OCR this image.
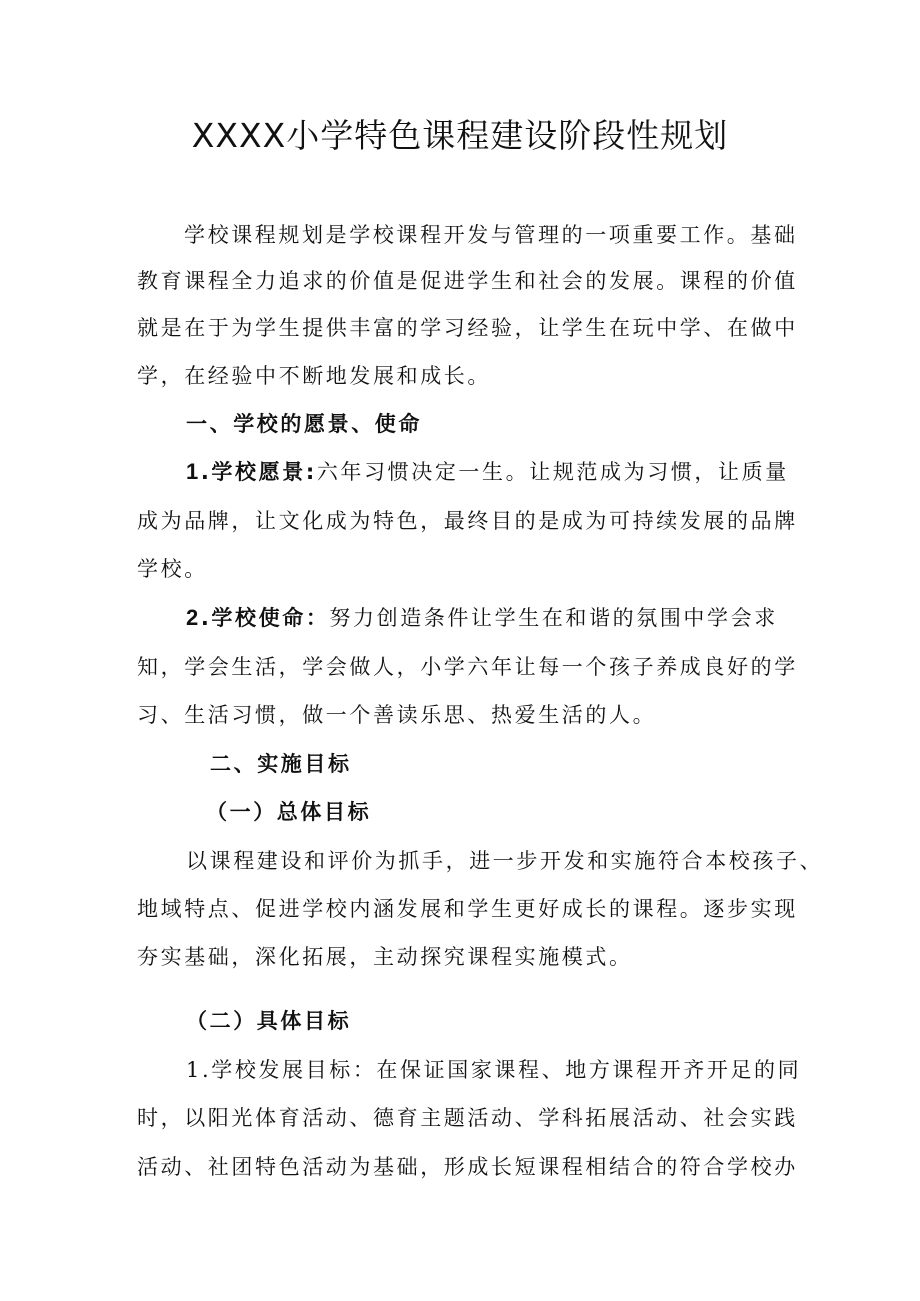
XXXX小学特色课程建设阶段性规划
学校课程规划是学校课程开发与管理的一项重要工作。基础
教育课程全力追求的价值是促进学生和社会的发展。课程的价值
就是在于为学生提供丰富的学习经验，让学生在玩中学、在做中
学，在经验中不断地发展和成长。
一、学校的愿景、使命
1.学校愿景:六年习惯决定一生。让规范成为习惯，让质量
成为品牌，让文化成为特色，最终目的是成为可持续发展的品牌
学校。
2.学校使命：努力创造条件让学生在和谐的氛围中学会求
知，学会生活，学会做人，小学六年让每一个孩子养成良好的学
习、生活习惯，做一个善读乐思、热爱生活的人。
二、实施目标
（一）总体目标
以课程建设和评价为抓手，进一步开发和实施符合本校孩子、
地域特点、促进学校内涵发展和学生更好成长的课程。逐步实现
夯实基础，深化拓展，主动探究课程实施模式。
（二）具体目标
1.学校发展目标：在保证国家课程、地方课程开齐开足的同
时，以阳光体育活动、德育主题活动、学科拓展活动、社会实践
活动、社团特色活动为基础，形成长短课程相结合的符合学校办
